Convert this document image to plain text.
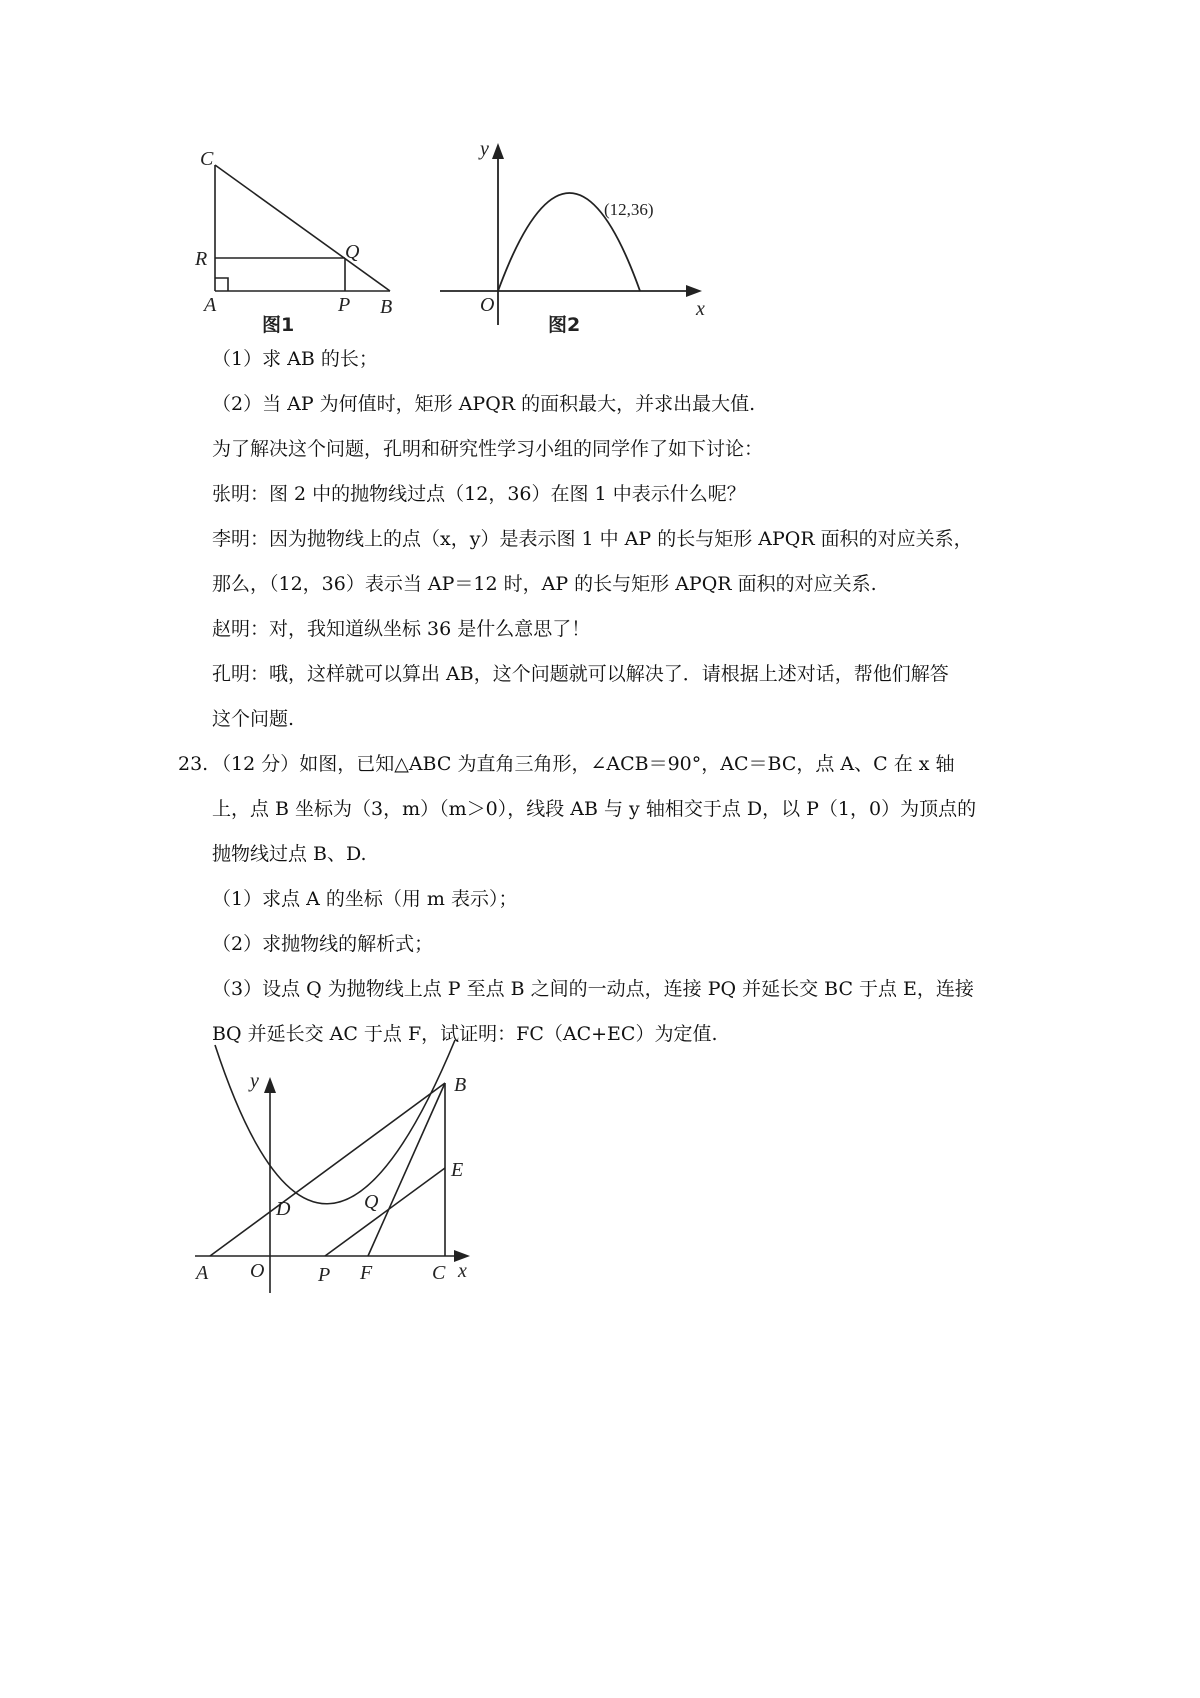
C
R	Q
A	P B
图1
y
x
O
(12,36)
图2
（1）求 AB 的长；
（2）当 AP 为何值时，矩形 APQR 的面积最大，并求出最大值.
为了解决这个问题，孔明和研究性学习小组的同学作了如下讨论：
张明：图 2 中的抛物线过点（12，36）在图 1 中表示什么呢？
李明：因为抛物线上的点（x，y）是表示图 1 中 AP 的长与矩形 APQR 面积的对应关系，
那么，（12，36）表示当 AP＝12 时，AP 的长与矩形 APQR 面积的对应关系.
赵明：对，我知道纵坐标 36 是什么意思了！
孔明：哦，这样就可以算出 AB，这个问题就可以解决了．请根据上述对话，帮他们解答
这个问题.
23. （12 分）如图，已知△ABC 为直角三角形，∠ACB＝90°，AC＝BC，点 A、C 在 x 轴
上，点 B 坐标为（3，m）（m＞0），线段 AB 与 y 轴相交于点 D，以 P（1，0）为顶点的
抛物线过点 B、D.
（1）求点 A 的坐标（用 m 表示）；
（2）求抛物线的解析式；
（3）设点 Q 为抛物线上点 P 至点 B 之间的一动点，连接 PQ 并延长交 BC 于点 E，连接
BQ 并延长交 AC 于点 F，试证明：FC（AC+EC）为定值.
y
x
B
E
D	Q
A O	P F	C
